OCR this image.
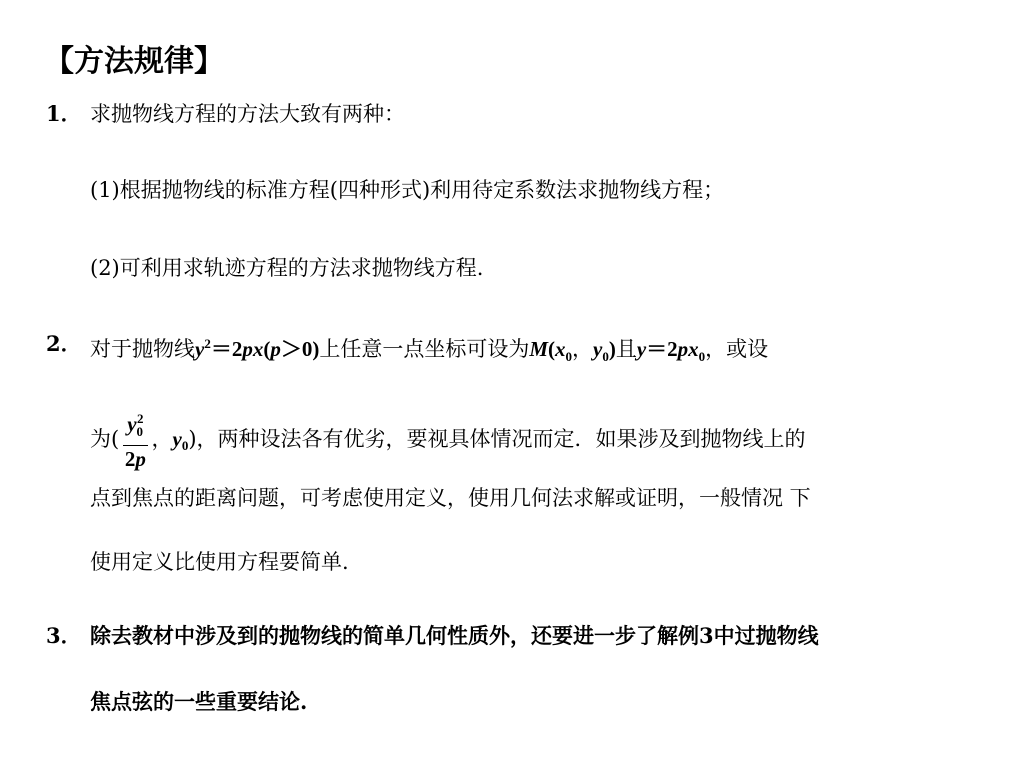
【方法规律】
1． 求抛物线方程的方法大致有两种：
(1)根据抛物线的标准方程(四种形式)利用待定系数法求抛物线方程；
(2)可利用求轨迹方程的方法求抛物线方程.
2． 对于抛物线$y^2=2px(p>0)$上任意一点坐标可设为$M(x_0$，$y_0$)且$y=2px_0$，或设
为( $\frac{y_0^2}{2p}$ ，$y_0$)，两种设法各有优劣，要视具体情况而定．如果涉及到抛物线上的
点到焦点的距离问题，可考虑使用定义，使用几何法求解或证明，一般情况 下
使用定义比使用方程要简单.
3． 除去教材中涉及到的抛物线的简单几何性质外，还要进一步了解例3中过抛物线
焦点弦的一些重要结论.
